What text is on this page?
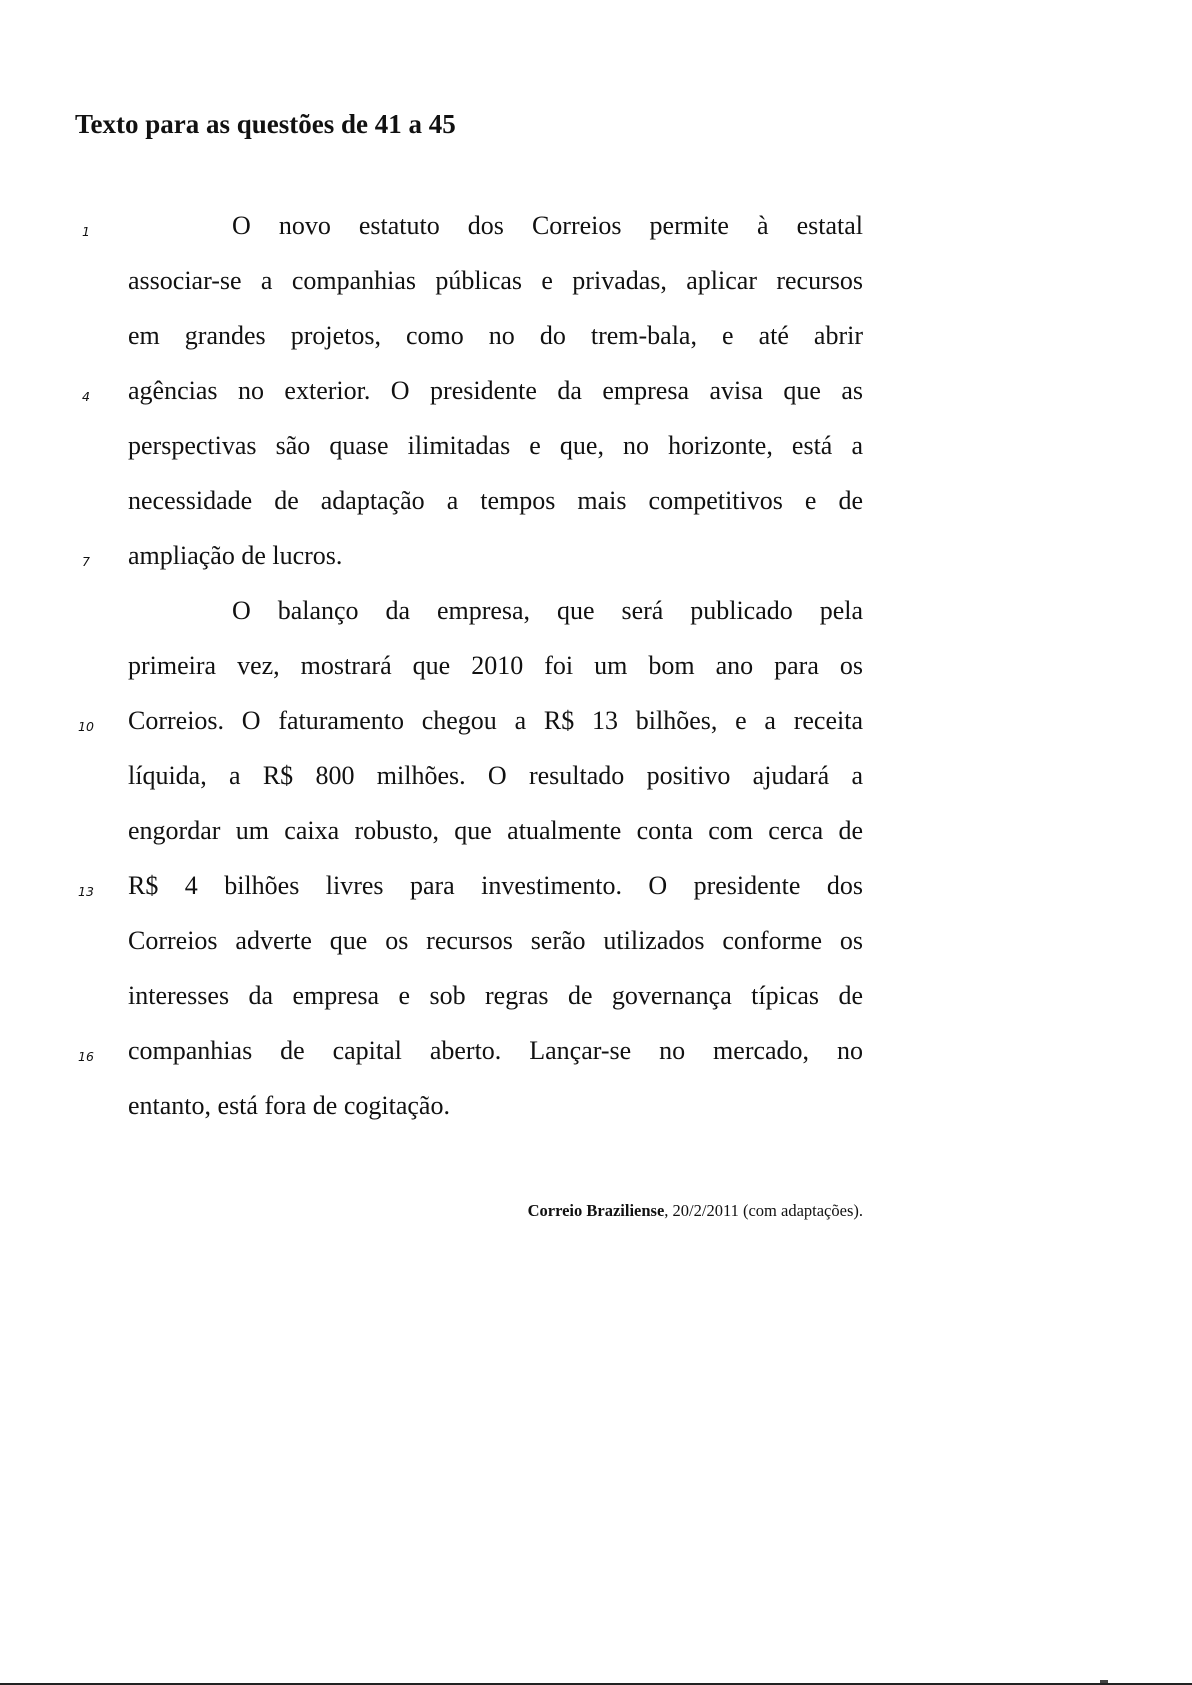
Texto para as questões de 41 a 45
1	O novo estatuto dos Correios permite à estatal
associar-se a companhias públicas e privadas, aplicar recursos
em grandes projetos, como no do trem-bala, e até abrir
4	agências no exterior. O presidente da empresa avisa que as
perspectivas são quase ilimitadas e que, no horizonte, está a
necessidade de adaptação a tempos mais competitivos e de
7	ampliação de lucros.
O balanço da empresa, que será publicado pela
primeira vez, mostrará que 2010 foi um bom ano para os
10	Correios. O faturamento chegou a R$ 13 bilhões, e a receita
líquida, a R$ 800 milhões. O resultado positivo ajudará a
engordar um caixa robusto, que atualmente conta com cerca de
13	R$ 4 bilhões livres para investimento. O presidente dos
Correios adverte que os recursos serão utilizados conforme os
interesses da empresa e sob regras de governança típicas de
16	companhias de capital aberto. Lançar-se no mercado, no
entanto, está fora de cogitação.
Correio Braziliense, 20/2/2011 (com adaptações).
